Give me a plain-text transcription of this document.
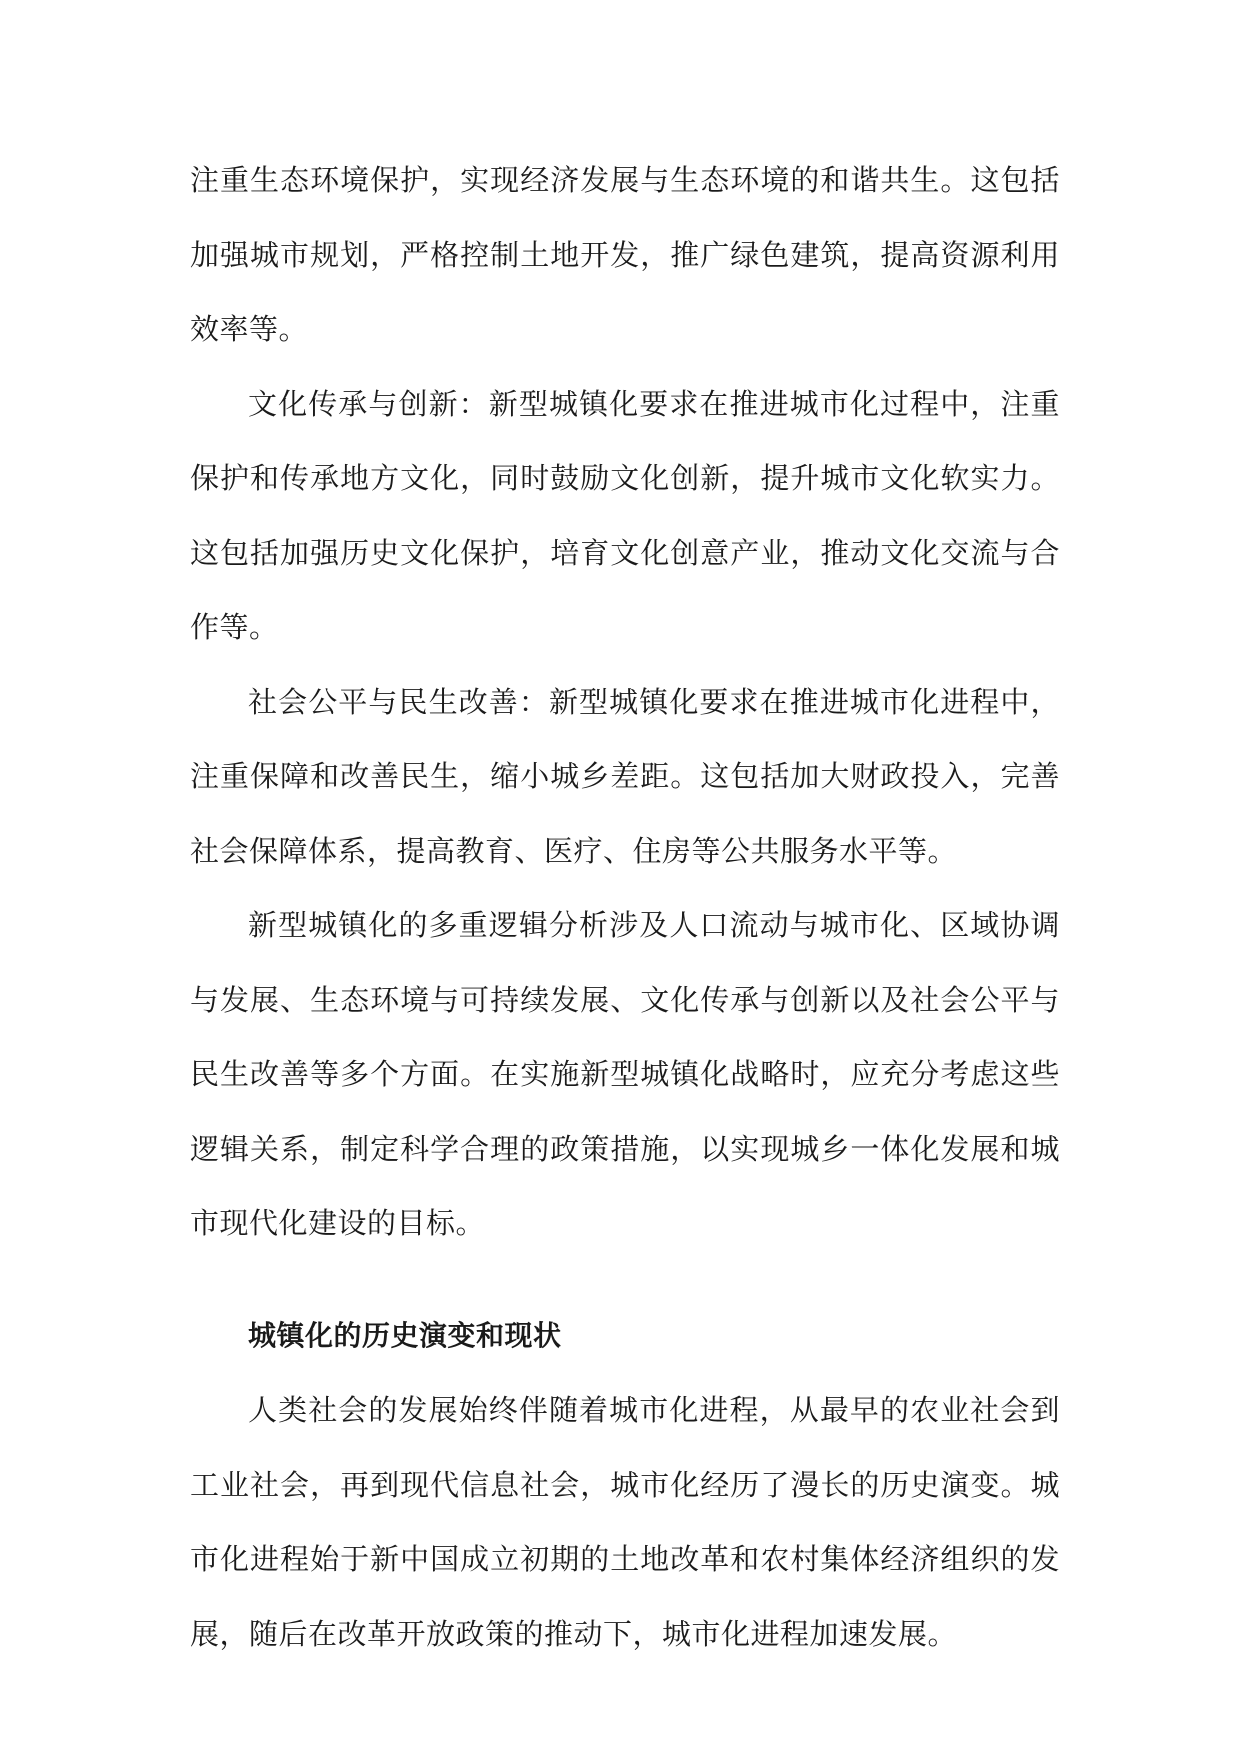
注重生态环境保护，实现经济发展与生态环境的和谐共生。这包括加强城市规划，严格控制土地开发，推广绿色建筑，提高资源利用效率等。

文化传承与创新：新型城镇化要求在推进城市化过程中，注重保护和传承地方文化，同时鼓励文化创新，提升城市文化软实力。这包括加强历史文化保护，培育文化创意产业，推动文化交流与合作等。

社会公平与民生改善：新型城镇化要求在推进城市化进程中，注重保障和改善民生，缩小城乡差距。这包括加大财政投入，完善社会保障体系，提高教育、医疗、住房等公共服务水平等。

新型城镇化的多重逻辑分析涉及人口流动与城市化、区域协调与发展、生态环境与可持续发展、文化传承与创新以及社会公平与民生改善等多个方面。在实施新型城镇化战略时，应充分考虑这些逻辑关系，制定科学合理的政策措施，以实现城乡一体化发展和城市现代化建设的目标。

城镇化的历史演变和现状

人类社会的发展始终伴随着城市化进程，从最早的农业社会到工业社会，再到现代信息社会，城市化经历了漫长的历史演变。城市化进程始于新中国成立初期的土地改革和农村集体经济组织的发展，随后在改革开放政策的推动下，城市化进程加速发展。
